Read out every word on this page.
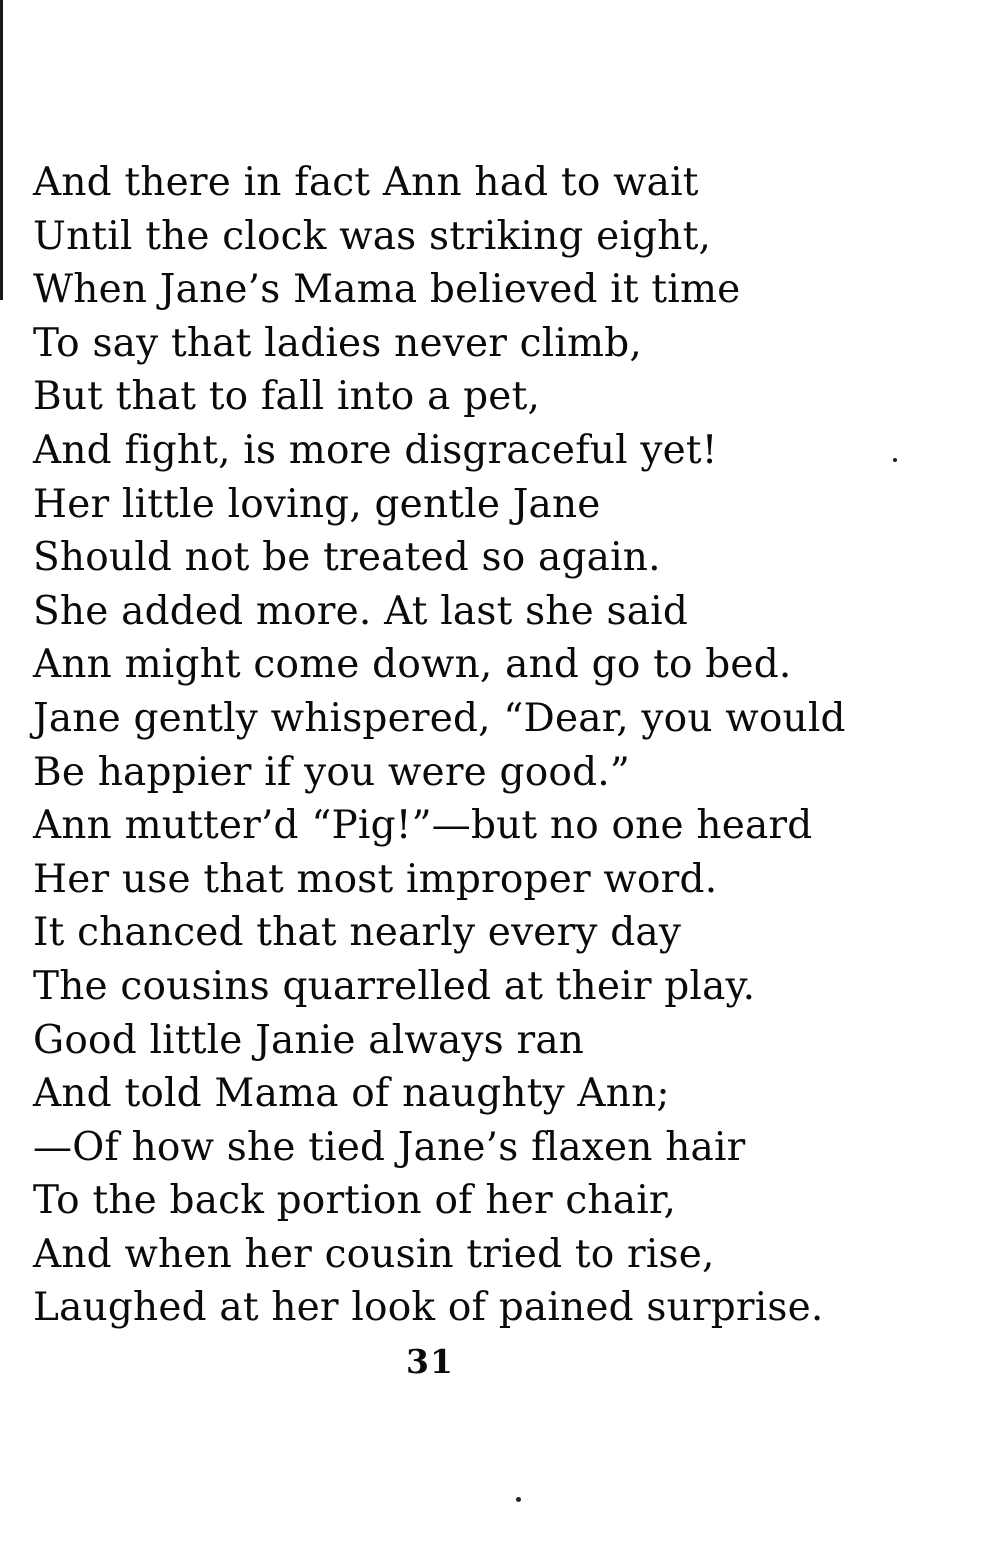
And there in fact Ann had to wait
Until the clock was striking eight,
When Jane’s Mama believed it time
To say that ladies never climb,
But that to fall into a pet,
And fight, is more disgraceful yet!
Her little loving, gentle Jane
Should not be treated so again.
She added more. At last she said
Ann might come down, and go to bed.
Jane gently whispered, “Dear, you would
Be happier if you were good.”
Ann mutter’d “Pig!”—but no one heard
Her use that most improper word.
It chanced that nearly every day
The cousins quarrelled at their play.
Good little Janie always ran
And told Mama of naughty Ann;
—Of how she tied Jane’s flaxen hair
To the back portion of her chair,
And when her cousin tried to rise,
Laughed at her look of pained surprise.
31
